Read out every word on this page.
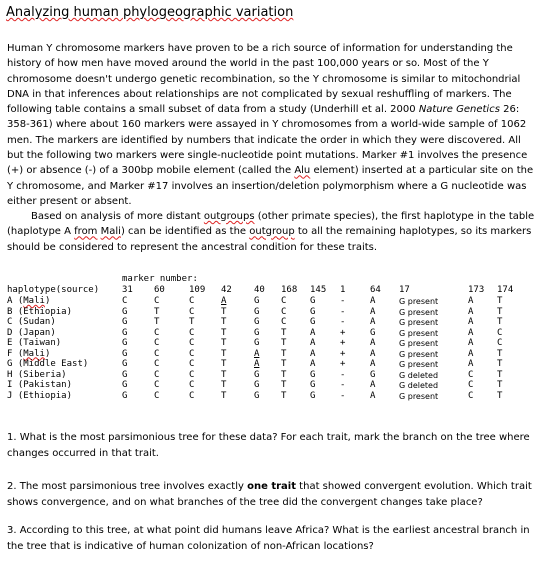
Analyzing human phylogeographic variation
Human Y chromosome markers have proven to be a rich source of information for understanding the history of how men have moved around the world in the past 100,000 years or so. Most of the Y chromosome doesn't undergo genetic recombination, so the Y chromosome is similar to mitochondrial DNA in that inferences about relationships are not complicated by sexual reshuffling of markers. The following table contains a small subset of data from a study (Underhill et al. 2000 Nature Genetics 26: 358-361) where about 160 markers were assayed in Y chromosomes from a world-wide sample of 1062 men. The markers are identified by numbers that indicate the order in which they were discovered. All but the following two markers were single-nucleotide point mutations. Marker #1 involves the presence (+) or absence (-) of a 300bp mobile element (called the Alu element) inserted at a particular site on the Y chromosome, and Marker #17 involves an insertion/deletion polymorphism where a G nucleotide was either present or absent.
Based on analysis of more distant outgroups (other primate species), the first haplotype in the table (haplotype A from Mali) can be identified as the outgroup to all the remaining haplotypes, so its markers should be considered to represent the ancestral condition for these traits.
marker number:
haplotype(source)	31 60	109 42 40 168 145 1	64 17	173 174
A (Mali)	C	C	C	A	G C	G	-	A	G present	A	T
B (Ethiopia)	G	T	C	T	G C	G	-	A	G present	A	T
C (Sudan)	G	T	T	T	G C	G	-	A	G present	A	T
D (Japan)	G	C	C	T	G T	A	+	G	G present	A	C
E (Taiwan)	G	C	C	T	G T	A	+	A	G present	A	C
F (Mali)	G	C	C	T	A T	A	+	A	G present	A	T
G (Middle East)	G	C	C	T	A T	A	+	A	G present	A	T
H (Siberia)	G	C	C	T	G T	G	-	G	G deleted	C	T
I (Pakistan)	G	C	C	T	G T	G	-	A	G deleted	C	T
J (Ethiopia)	G	C	C	T	G T	G	-	A	G present	C	T
1. What is the most parsimonious tree for these data? For each trait, mark the branch on the tree where changes occurred in that trait.
2. The most parsimonious tree involves exactly one trait that showed convergent evolution. Which trait shows convergence, and on what branches of the tree did the convergent changes take place?
3. According to this tree, at what point did humans leave Africa? What is the earliest ancestral branch in the tree that is indicative of human colonization of non-African locations?
